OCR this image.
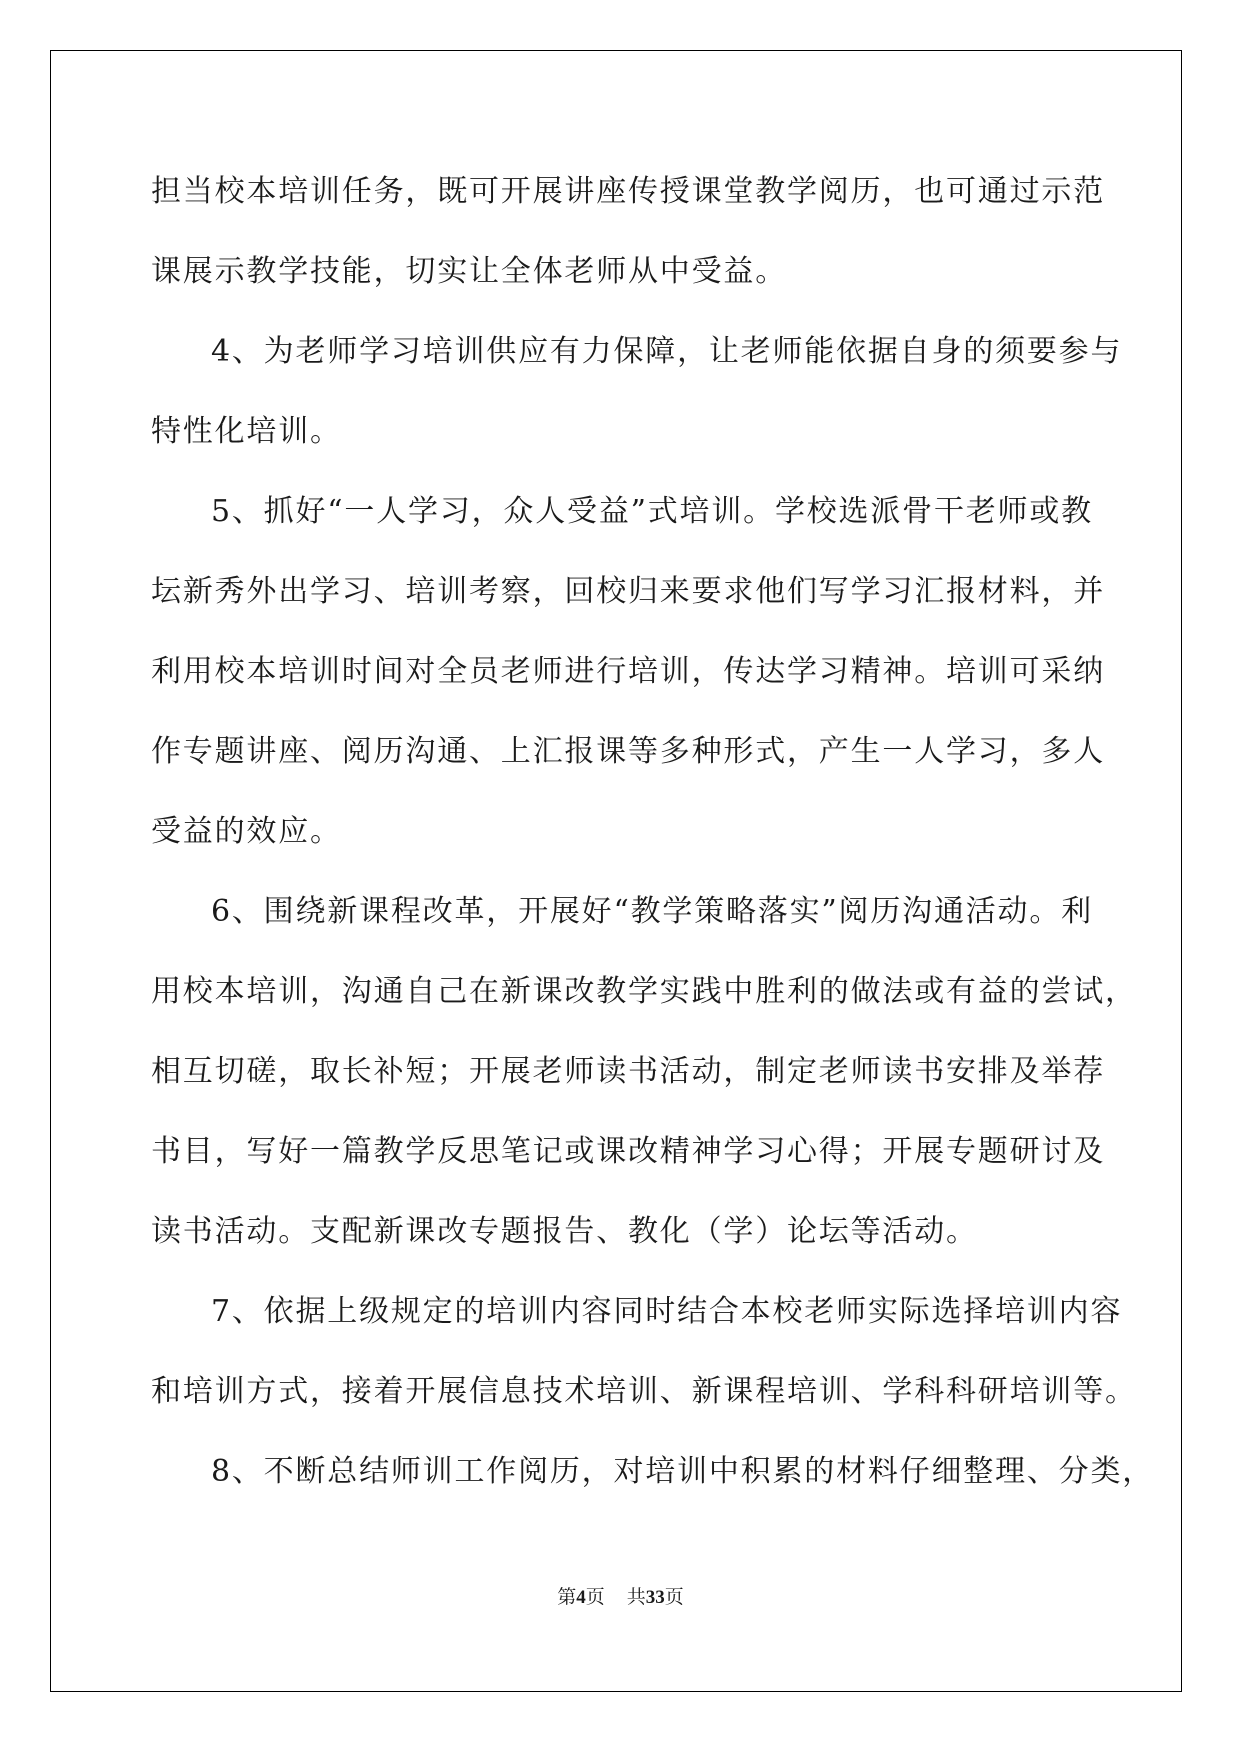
担当校本培训任务，既可开展讲座传授课堂教学阅历，也可通过示范
课展示教学技能，切实让全体老师从中受益。
4、为老师学习培训供应有力保障，让老师能依据自身的须要参与
特性化培训。
5、抓好“一人学习，众人受益”式培训。学校选派骨干老师或教
坛新秀外出学习、培训考察，回校归来要求他们写学习汇报材料，并
利用校本培训时间对全员老师进行培训，传达学习精神。培训可采纳
作专题讲座、阅历沟通、上汇报课等多种形式，产生一人学习，多人
受益的效应。
6、围绕新课程改革，开展好“教学策略落实”阅历沟通活动。利
用校本培训，沟通自己在新课改教学实践中胜利的做法或有益的尝试，
相互切磋，取长补短；开展老师读书活动，制定老师读书安排及举荐
书目，写好一篇教学反思笔记或课改精神学习心得；开展专题研讨及
读书活动。支配新课改专题报告、教化（学）论坛等活动。
7、依据上级规定的培训内容同时结合本校老师实际选择培训内容
和培训方式，接着开展信息技术培训、新课程培训、学科科研培训等。
8、不断总结师训工作阅历，对培训中积累的材料仔细整理、分类，
第4页 共33页
